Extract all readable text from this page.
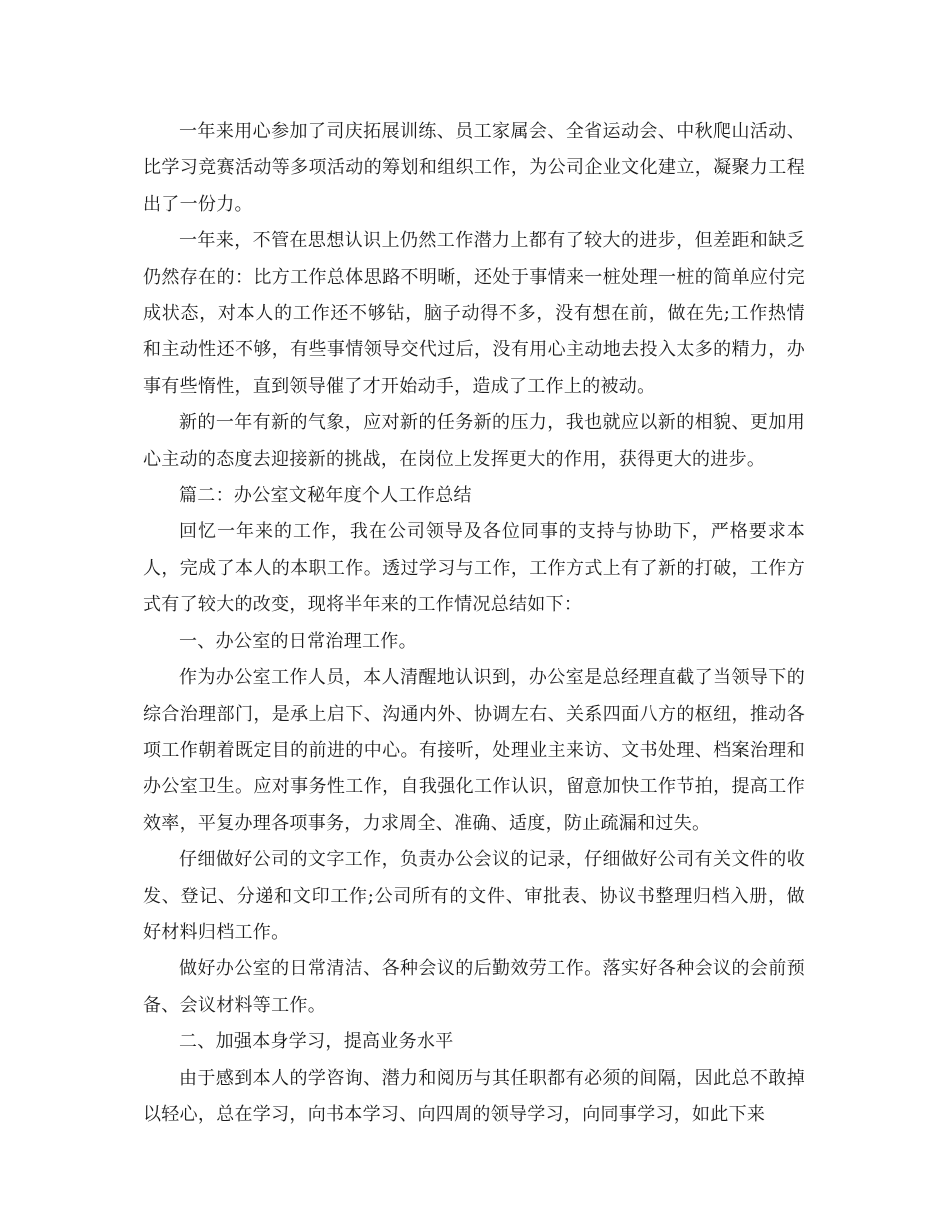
一年来用心参加了司庆拓展训练、员工家属会、全省运动会、中秋爬山活动、比学习竞赛活动等多项活动的筹划和组织工作，为公司企业文化建立，凝聚力工程出了一份力。

一年来，不管在思想认识上仍然工作潜力上都有了较大的进步，但差距和缺乏仍然存在的：比方工作总体思路不明晰，还处于事情来一桩处理一桩的简单应付完成状态，对本人的工作还不够钻，脑子动得不多，没有想在前，做在先;工作热情和主动性还不够，有些事情领导交代过后，没有用心主动地去投入太多的精力，办事有些惰性，直到领导催了才开始动手，造成了工作上的被动。

新的一年有新的气象，应对新的任务新的压力，我也就应以新的相貌、更加用心主动的态度去迎接新的挑战，在岗位上发挥更大的作用，获得更大的进步。

篇二：办公室文秘年度个人工作总结

回忆一年来的工作，我在公司领导及各位同事的支持与协助下，严格要求本人，完成了本人的本职工作。透过学习与工作，工作方式上有了新的打破，工作方式有了较大的改变，现将半年来的工作情况总结如下：

一、办公室的日常治理工作。

作为办公室工作人员，本人清醒地认识到，办公室是总经理直截了当领导下的综合治理部门，是承上启下、沟通内外、协调左右、关系四面八方的枢纽，推动各项工作朝着既定目的前进的中心。有接听，处理业主来访、文书处理、档案治理和办公室卫生。应对事务性工作，自我强化工作认识，留意加快工作节拍，提高工作效率，平复办理各项事务，力求周全、准确、适度，防止疏漏和过失。

仔细做好公司的文字工作，负责办公会议的记录，仔细做好公司有关文件的收发、登记、分递和文印工作;公司所有的文件、审批表、协议书整理归档入册，做好材料归档工作。

做好办公室的日常清洁、各种会议的后勤效劳工作。落实好各种会议的会前预备、会议材料等工作。

二、加强本身学习，提高业务水平

由于感到本人的学咨询、潜力和阅历与其任职都有必须的间隔，因此总不敢掉以轻心，总在学习，向书本学习、向四周的领导学习，向同事学习，如此下来
